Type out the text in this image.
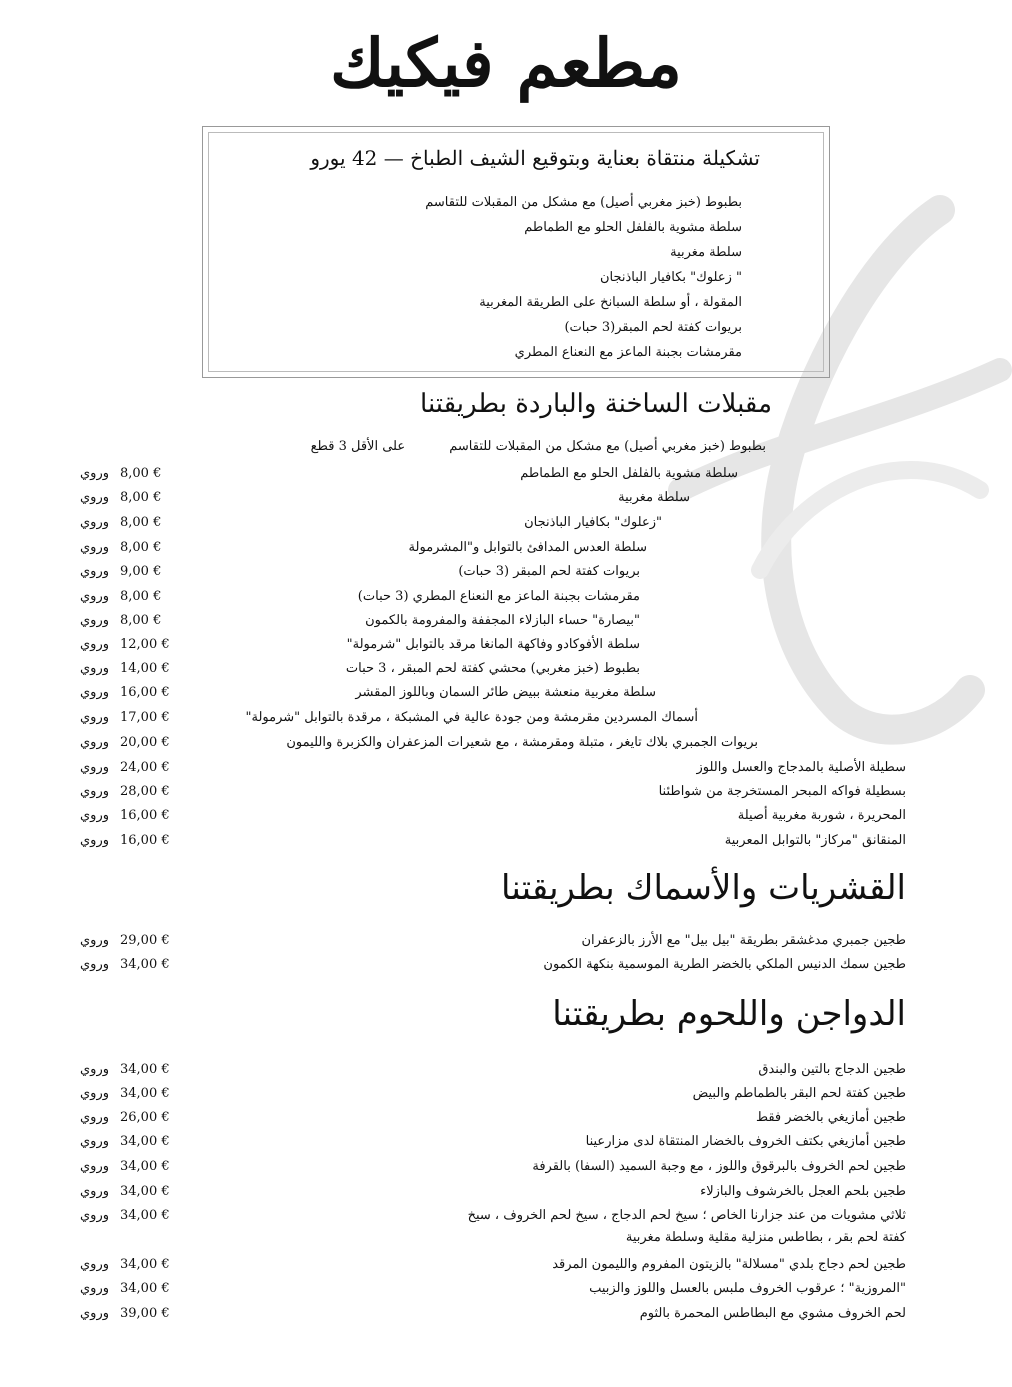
مطعم فيكيك
تشكيلة منتقاة بعناية وبتوقيع الشيف الطباخ — 42 يورو
بطبوط (خبز مغربي أصيل) مع مشكل من المقبلات للتقاسم
سلطة مشوية بالفلفل الحلو مع الطماطم
سلطة مغربية
" زعلوك" بكافيار الباذنجان
المقولة ، أو سلطة السبانخ على الطريقة المغربية
بريوات كفتة لحم المبقر(3 حبات)
مقرمشات بجبنة الماعز مع النعناع المطري
مقبلات الساخنة والباردة بطريقتنا
بطبوط (خبز مغربي أصيل) مع مشكل من المقبلات للتقاسم على الأقل 3 قطع
سلطة مشوية بالفلفل الحلو مع الطماطم
8,00 €
وروي
سلطة مغربية
8,00 €
وروي
"زعلوك" بكافيار الباذنجان
8,00 €
وروي
سلطة العدس المدافئ بالتوابل و"المشرمولة
8,00 €
وروي
بريوات كفتة لحم المبقر (3 حبات)
9,00 €
وروي
مقرمشات بجبنة الماعز مع النعناع المطري (3 حبات)
8,00 €
وروي
"بيصارة" حساء البازلاء المجففة والمفرومة بالكمون
8,00 €
وروي
سلطة الأفوكادو وفاكهة المانغا مرقد بالتوابل "شرمولة"
12,00 €
وروي
بطبوط (خبز مغربي) محشي كفتة لحم المبقر ، 3 حبات
14,00 €
وروي
سلطة مغربية منعشة ببيض طائر السمان وباللوز المقشر
16,00 €
وروي
أسماك المسردين مقرمشة ومن جودة عالية في المشبكة ، مرقدة بالتوابل "شرمولة"
17,00 €
وروي
بريوات الجمبري بلاك تايغر ، متبلة ومقرمشة ، مع شعيرات المزعفران والكزبرة والليمون
20,00 €
وروي
سطيلة الأصلية بالمدجاج والعسل واللوز
24,00 €
وروي
بسطيلة فواكه المبحر المستخرجة من شواطئنا
28,00 €
وروي
المحريرة ، شوربة مغربية أصيلة
16,00 €
وروي
المنقانق "مركاز" بالتوابل المعربية
16,00 €
وروي
القشريات والأسماك بطريقتنا
طجين جمبري مدغشقر بطريقة "بيل بيل" مع الأرز بالزعفران
29,00 €
وروي
طجين سمك الدنيس الملكي بالخضر الطرية الموسمية بنكهة الكمون
34,00 €
وروي
الدواجن واللحوم بطريقتنا
طجين الدجاج بالتين والبندق
34,00 €
وروي
طجين كفتة لحم البقر بالطماطم والبيض
34,00 €
وروي
طجين أمازيغي بالخضر فقط
26,00 €
وروي
طجين أمازيغي بكتف الخروف بالخضار المنتقاة لدى مزارعينا
34,00 €
وروي
طجين لحم الخروف بالبرقوق واللوز ، مع وجبة السميد (السفا) بالقرفة
34,00 €
وروي
طجين بلحم العجل بالخرشوف والبازلاء
34,00 €
وروي
ثلاثي مشويات من عند جزارنا الخاص ؛ سيخ لحم الدجاج ، سيخ لحم الخروف ، سيخ
كفتة لحم بقر ، بطاطس منزلية مقلية وسلطة مغربية
34,00 €
وروي
طجين لحم دجاج بلدي "مسلالة" بالزيتون المفروم والليمون المرقد
34,00 €
وروي
"المروزية" ؛ عرقوب الخروف ملبس بالعسل واللوز والزبيب
34,00 €
وروي
لحم الخروف مشوي مع البطاطس المحمرة بالثوم
39,00 €
وروي
